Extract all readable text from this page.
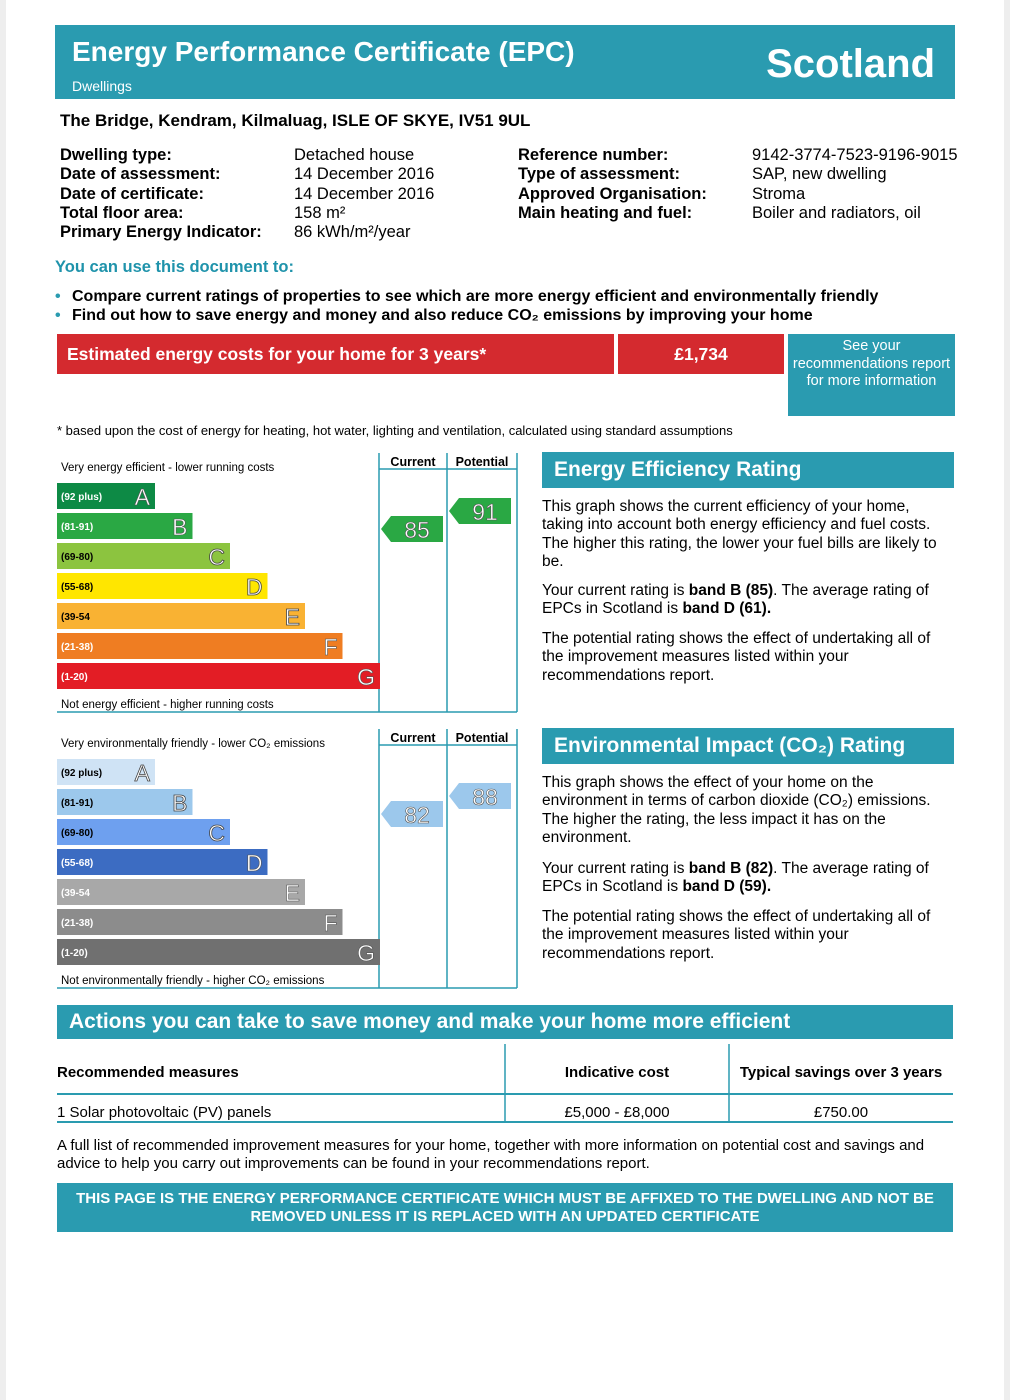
Energy Performance Certificate (EPC)
Dwellings	Scotland
The Bridge, Kendram, Kilmaluag, ISLE OF SKYE, IV51 9UL
Dwelling type:	Detached house
Date of assessment:	14 December 2016
Date of certificate:	14 December 2016
Total floor area:	158 m²
Primary Energy Indicator: 86 kWh/m²/year
Reference number:	9142-3774-7523-9196-9015
Type of assessment:	SAP, new dwelling
Approved Organisation:	Stroma
Main heating and fuel:	Boiler and radiators, oil
You can use this document to:
• Compare current ratings of properties to see which are more energy efficient and environmentally friendly
• Find out how to save energy and money and also reduce CO₂ emissions by improving your home
Estimated energy costs for your home for 3 years*	£1,734	See your recommendations report for more information
* based upon the cost of energy for heating, hot water, lighting and ventilation, calculated using standard assumptions
Current Potential
Very energy efficient - lower running costs
Not energy efficient - higher running costs
(92 plus) A
(81-91)	B
(69-80)	C
(55-68)	D
(39-54	E
(21-38)	F
(1-20)	G
85
91
Current Potential
Very environmentally friendly - lower CO₂ emissions
Not environmentally friendly - higher CO₂ emissions
(92 plus) A
(81-91)	B
(69-80)	C
(55-68)	D
(39-54	E
(21-38)	F
(1-20)	G
82
88
Energy Efficiency Rating
This graph shows the current efficiency of your home, taking into account both energy efficiency and fuel costs. The higher this rating, the lower your fuel bills are likely to be.
Your current rating is band B (85). The average rating of EPCs in Scotland is band D (61).
The potential rating shows the effect of undertaking all of the improvement measures listed within your recommendations report.
Environmental Impact (CO₂) Rating
This graph shows the effect of your home on the environment in terms of carbon dioxide (CO₂) emissions. The higher the rating, the less impact it has on the environment.
Your current rating is band B (82). The average rating of EPCs in Scotland is band D (59).
The potential rating shows the effect of undertaking all of the improvement measures listed within your recommendations report.
Actions you can take to save money and make your home more efficient
Recommended measures	Indicative cost	Typical savings over 3 years
1 Solar photovoltaic (PV) panels	£5,000 - £8,000	£750.00
A full list of recommended improvement measures for your home, together with more information on potential cost and savings and advice to help you carry out improvements can be found in your recommendations report.
THIS PAGE IS THE ENERGY PERFORMANCE CERTIFICATE WHICH MUST BE AFFIXED TO THE DWELLING AND NOT BE REMOVED UNLESS IT IS REPLACED WITH AN UPDATED CERTIFICATE
